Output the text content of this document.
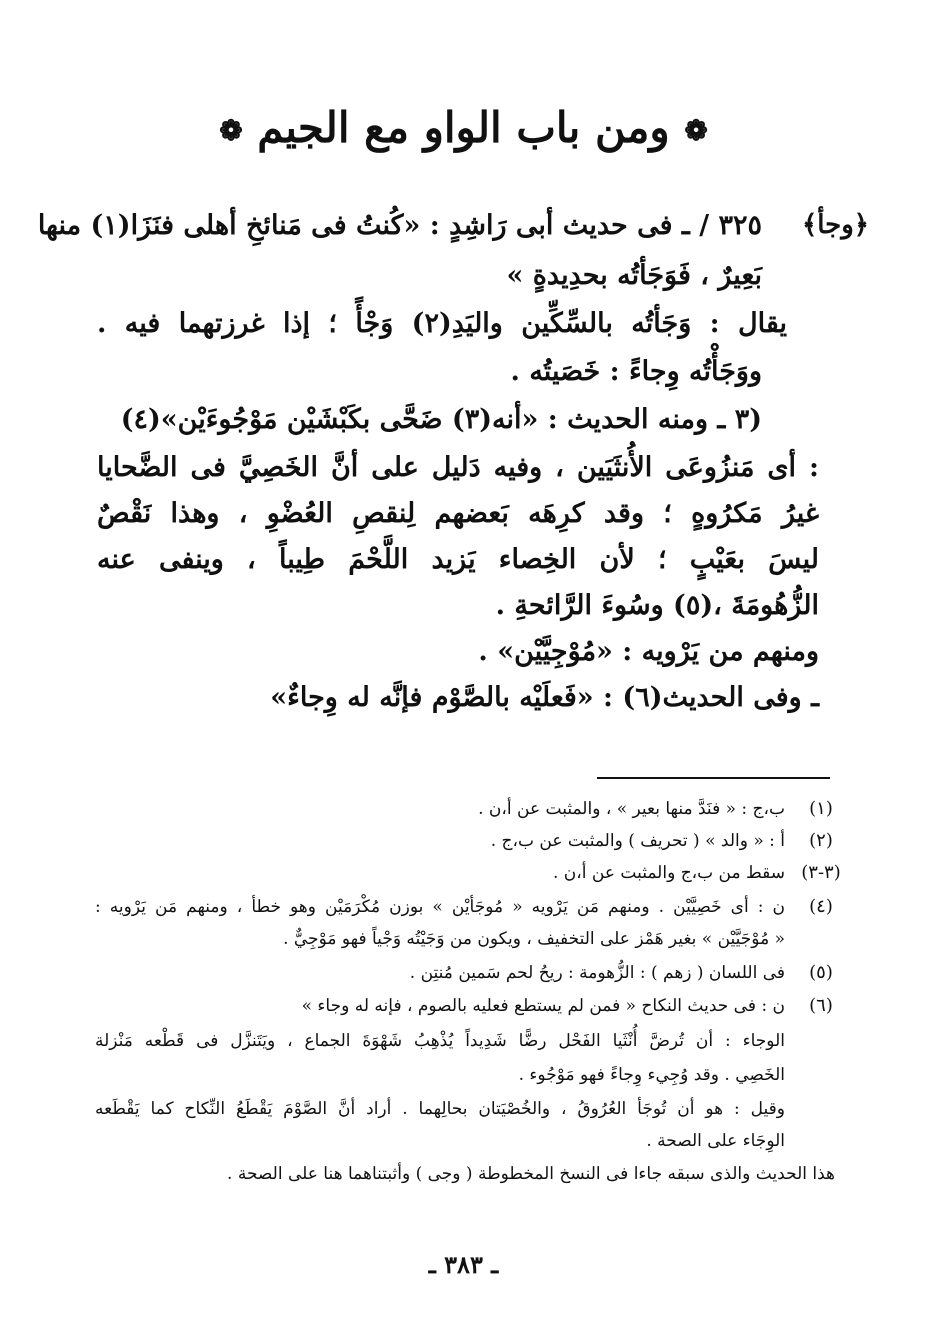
❁ ومن باب الواو مع الجيم ❁
﴿وجأ﴾
٣٢٥ / ـ فى حديث أبى رَاشِدٍ : «كُنتُ فى مَنائخِ أهلى فنَزَا(١) منها
بَعِيرٌ ، فَوَجَأتُه بحدِيدةٍ »
يقال : وَجَأتُه بالسِّكِّين واليَدِ(٢) وَجْأً ؛ إذا غرزتهما فيه .
ووَجَأْتُه وِجاءً : خَصَيتُه .
(٣ ـ ومنه الحديث : «أنه(٣) ضَحَّى بكَبْشَيْن مَوْجُوءَيْن»(٤)
: أى مَنزُوعَى الأُنثَيَين ، وفيه دَليل على أنَّ الخَصِيَّ فى الضَّحايا
غيرُ مَكرُوهٍ ؛ وقد كرِهَه بَعضهم لِنقصِ العُضْوِ ، وهذا نَقْصٌ
ليسَ بعَيْبٍ ؛ لأن الخِصاء يَزيد اللَّحْمَ طِيباً ، وينفى عنه
الزُّهُومَةَ ،(٥) وسُوءَ الرَّائحةِ .
ومنهم من يَرْويه : «مُوْجِيَّيْن» .
ـ وفى الحديث(٦) : «فَعلَيْه بالصَّوْم فإنَّه له وِجاءٌ»
(١)
ب،ج : « فنَدَّ منها بعير » ، والمثبت عن أ،ن .
(٢)
أ : « والد » ( تحريف ) والمثبت عن ب،ج .
(٣-٣)
سقط من ب،ج والمثبت عن أ،ن .
(٤)
ن : أى خَصِيَّيْن . ومنهم مَن يَرْويه « مُوجَأيْن » بوزن مُكْرَمَيْن وهو خطأ ، ومنهم مَن يَرْويه :
« مُوْجَيَّيْن » بغير هَمْز على التخفيف ، ويكون من وَجَيْتُه وَجْياً فهو مَوْجِيٌّ .
(٥)
فى اللسان ( زهم ) : الزُّهومة : ريحُ لحم سَمين مُنتِن .
(٦)
ن : فى حديث النكاح « فمن لم يستطع فعليه بالصوم ، فإنه له وجاء »
الوجاء : أن تُرضَّ أُنْثَيا الفَحْل رضًّا شَدِيداً يُذْهِبُ شَهْوَةَ الجماع ، ويَتَنزَّل فى قَطْعه مَنْزلة
الخَصِي . وقد وُجِيء وِجاءً فهو مَوْجُوء .
وقيل : هو أن تُوجَأ العُرُوقُ ، والخُصْيَتان بحالِهما . أراد أنَّ الصَّوْمَ يَقْطَعُ النِّكاح كما يَقْطَعه
الوِجَاء على الصحة .
هذا الحديث والذى سبقه جاءا فى النسخ المخطوطة ( وجى ) وأثبتناهما هنا على الصحة .
ـ ٣٨٣ ـ
